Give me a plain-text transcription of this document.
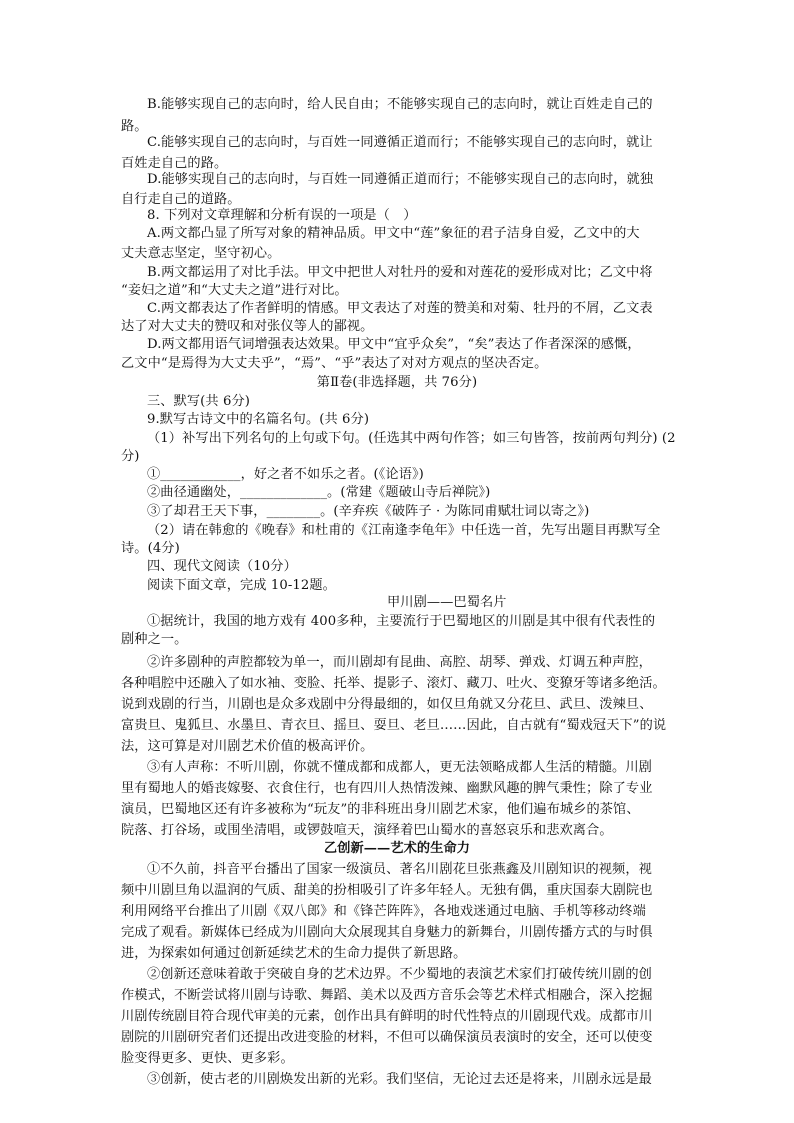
B.能够实现自己的志向时，给人民自由；不能够实现自己的志向时，就让百姓走自己的
路。
C.能够实现自己的志向时，与百姓一同遵循正道而行；不能够实现自己的志向时，就让
百姓走自己的路。
D.能够实现自己的志向时，与百姓一同遵循正道而行；不能够实现自己的志向时，就独
自行走自己的道路。
8. 下列对文章理解和分析有误的一项是（　）
A.两文都凸显了所写对象的精神品质。甲文中“莲”象征的君子洁身自爱，乙文中的大
丈夫意志坚定，坚守初心。
B.两文都运用了对比手法。甲文中把世人对牡丹的爱和对莲花的爱形成对比；乙文中将
“妾妇之道”和“大丈夫之道”进行对比。
C.两文都表达了作者鲜明的情感。甲文表达了对莲的赞美和对菊、牡丹的不屑，乙文表
达了对大丈夫的赞叹和对张仪等人的鄙视。
D.两文都用语气词增强表达效果。甲文中“宜乎众矣”，“矣”表达了作者深深的感慨，
乙文中“是焉得为大丈夫乎”，“焉”、“乎”表达了对对方观点的坚决否定。
第Ⅱ卷(非选择题，共 76分)
三、默写(共 6分)
9.默写古诗文中的名篇名句。(共 6分)
（1）补写出下列名句的上句或下句。(任选其中两句作答；如三句皆答，按前两句判分) (2
分)
①____________，好之者不如乐之者。(《论语》)
②曲径通幽处，_____________。(常建《题破山寺后禅院》)
③了却君王天下事，________。(辛弃疾《破阵子 · 为陈同甫赋壮词以寄之》)
（2）请在韩愈的《晚春》和杜甫的《江南逢李龟年》中任选一首，先写出题目再默写全
诗。(4分)
四、现代文阅读（10分）
阅读下面文章，完成 10-12题。
甲川剧——巴蜀名片
①据统计，我国的地方戏有 400多种，主要流行于巴蜀地区的川剧是其中很有代表性的
剧种之一。
②许多剧种的声腔都较为单一，而川剧却有昆曲、高腔、胡琴、弹戏、灯调五种声腔，
各种唱腔中还融入了如水袖、变脸、托举、提影子、滚灯、藏刀、吐火、变獠牙等诸多绝活。
说到戏剧的行当，川剧也是众多戏剧中分得最细的，如仅旦角就又分花旦、武旦、泼辣旦、
富贵旦、鬼狐旦、水墨旦、青衣旦、摇旦、耍旦、老旦……因此，自古就有“蜀戏冠天下”的说
法，这可算是对川剧艺术价值的极高评价。
③有人声称：不听川剧，你就不懂成都和成都人，更无法领略成都人生活的精髓。川剧
里有蜀地人的婚丧嫁娶、衣食住行，也有四川人热情泼辣、幽默风趣的脾气秉性；除了专业
演员，巴蜀地区还有许多被称为“玩友”的非科班出身川剧艺术家，他们遍布城乡的茶馆、
院落、打谷场，或围坐清唱，或锣鼓喧天，演绎着巴山蜀水的喜怒哀乐和悲欢离合。
乙创新——艺术的生命力
①不久前，抖音平台播出了国家一级演员、著名川剧花旦张燕鑫及川剧知识的视频，视
频中川剧旦角以温润的气质、甜美的扮相吸引了许多年轻人。无独有偶，重庆国泰大剧院也
利用网络平台推出了川剧《双八郎》和《锋芒阵阵》，各地戏迷通过电脑、手机等移动终端
完成了观看。新媒体已经成为川剧向大众展现其自身魅力的新舞台，川剧传播方式的与时俱
进，为探索如何通过创新延续艺术的生命力提供了新思路。
②创新还意味着敢于突破自身的艺术边界。不少蜀地的表演艺术家们打破传统川剧的创
作模式，不断尝试将川剧与诗歌、舞蹈、美术以及西方音乐会等艺术样式相融合，深入挖掘
川剧传统剧目符合现代审美的元素，创作出具有鲜明的时代性特点的川剧现代戏。成都市川
剧院的川剧研究者们还提出改进变脸的材料，不但可以确保演员表演时的安全，还可以使变
脸变得更多、更快、更多彩。
③创新，使古老的川剧焕发出新的光彩。我们坚信，无论过去还是将来，川剧永远是最
